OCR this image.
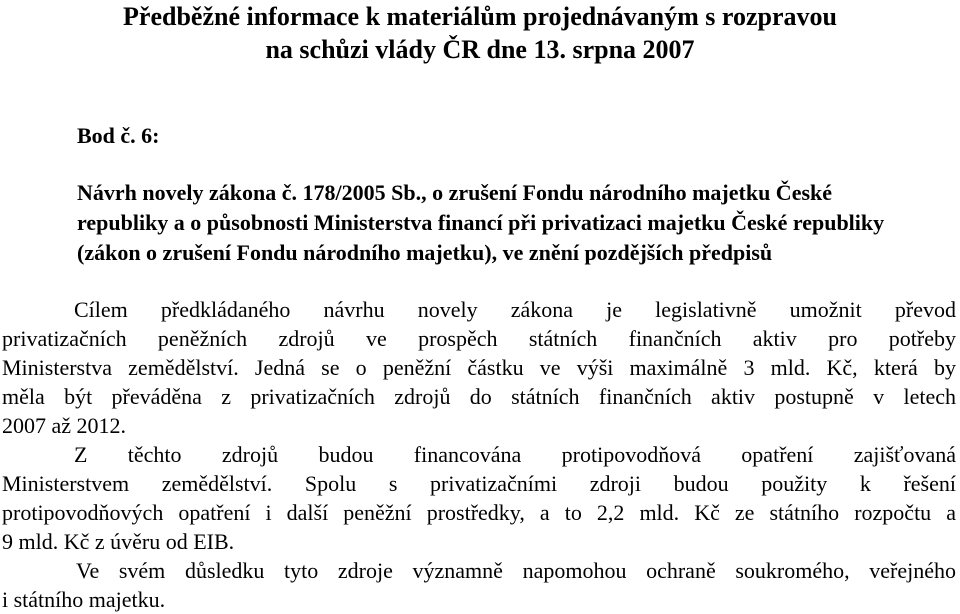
Předběžné informace k materiálům projednávaným s rozpravou
na schůzi vlády ČR dne 13. srpna 2007
Bod č. 6:
Návrh novely zákona č. 178/2005 Sb., o zrušení Fondu národního majetku České
republiky a o působnosti Ministerstva financí při privatizaci majetku České republiky
(zákon o zrušení Fondu národního majetku), ve znění pozdějších předpisů
Cílem předkládaného návrhu novely zákona je legislativně umožnit převod
privatizačních peněžních zdrojů ve prospěch státních finančních aktiv pro potřeby
Ministerstva zemědělství. Jedná se o peněžní částku ve výši maximálně 3 mld. Kč, která by
měla být převáděna z privatizačních zdrojů do státních finančních aktiv postupně v letech
2007 až 2012.
Z těchto zdrojů budou financována protipovodňová opatření zajišťovaná
Ministerstvem zemědělství. Spolu s privatizačními zdroji budou použity k řešení
protipovodňových opatření i další peněžní prostředky, a to 2,2 mld. Kč ze státního rozpočtu a
9 mld. Kč z úvěru od EIB.
Ve svém důsledku tyto zdroje významně napomohou ochraně soukromého, veřejného
i státního majetku.
